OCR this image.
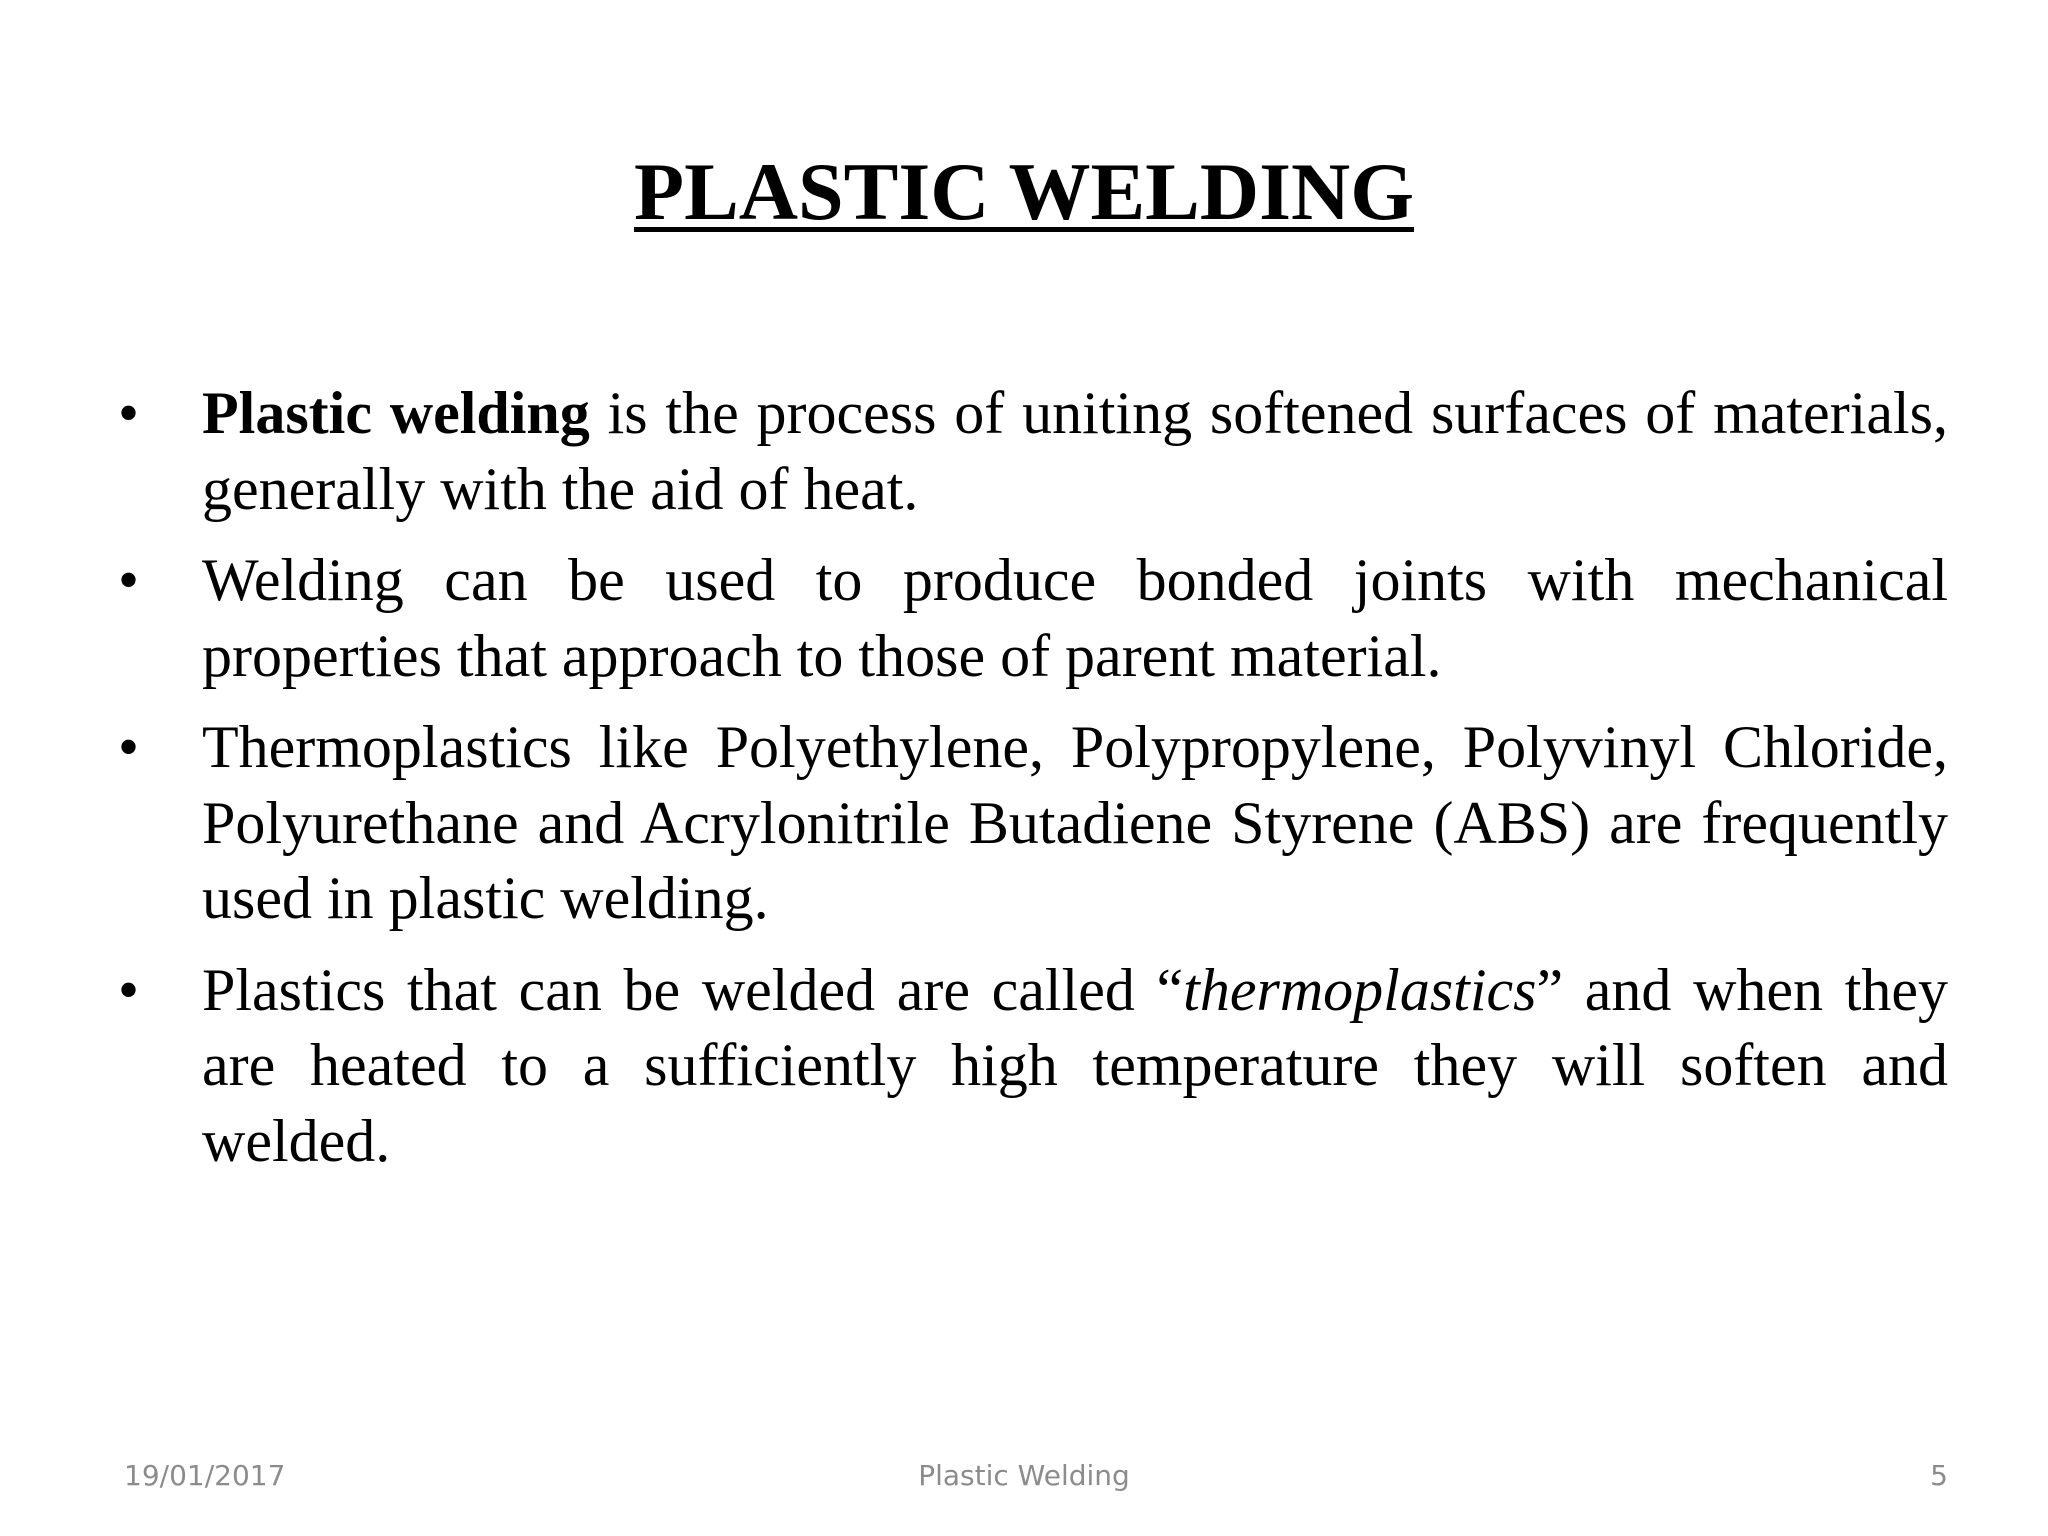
PLASTIC WELDING
•	Plastic welding is the process of uniting softened surfaces of materials, generally with the aid of heat.
•	Welding can be used to produce bonded joints with mechanical properties that approach to those of parent material.
•	Thermoplastics like Polyethylene, Polypropylene, Polyvinyl Chloride, Polyurethane and Acrylonitrile Butadiene Styrene (ABS) are frequently used in plastic welding.
•	Plastics that can be welded are called “thermoplastics” and when they are heated to a sufficiently high temperature they will soften and welded.
19/01/2017	Plastic Welding	5
